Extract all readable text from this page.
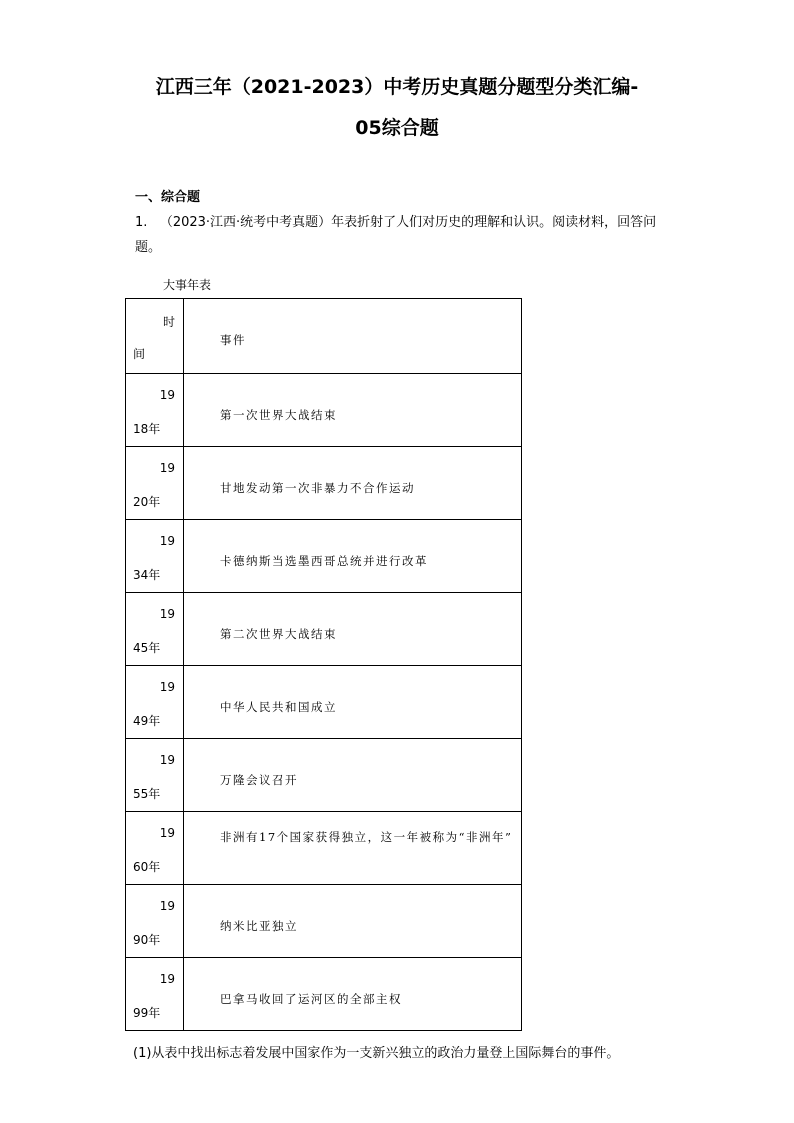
江西三年（2021-2023）中考历史真题分题型分类汇编-
05综合题
一、综合题
1. （2023·江西·统考中考真题）年表折射了人们对历史的理解和认识。阅读材料，回答问题。
大事年表
时
间	事件

19
18年	第一次世界大战结束

19
20年	甘地发动第一次非暴力不合作运动

19
34年	卡德纳斯当选墨西哥总统并进行改革

19
45年	第二次世界大战结束

19
49年	中华人民共和国成立

19
55年	万隆会议召开

19
60年	非洲有17个国家获得独立，这一年被称为“非洲年”

19
90年	纳米比亚独立

19
99年	巴拿马收回了运河区的全部主权
(1)从表中找出标志着发展中国家作为一支新兴独立的政治力量登上国际舞台的事件。
